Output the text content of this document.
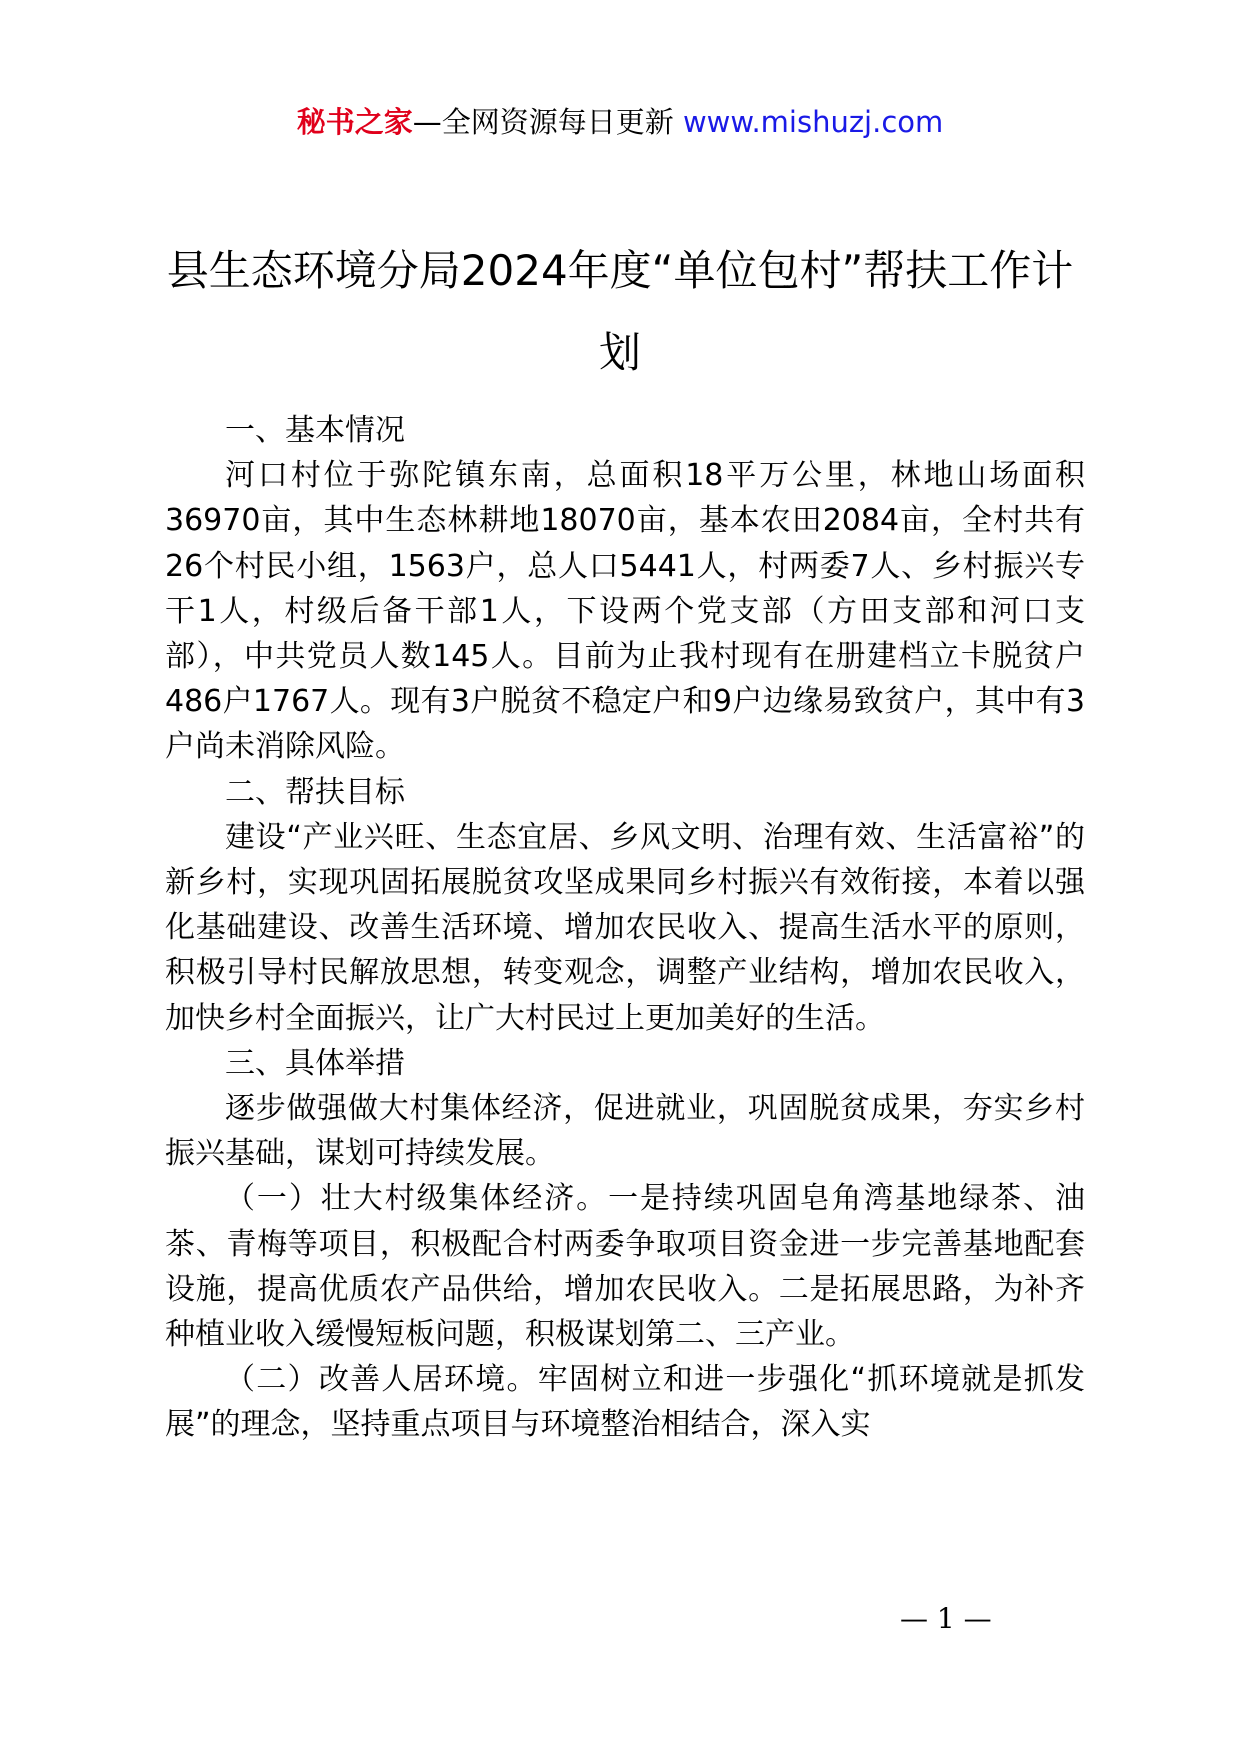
秘书之家—全网资源每日更新 www.mishuzj.com
县生态环境分局2024年度“单位包村”帮扶工作计划

一、基本情况

河口村位于弥陀镇东南，总面积18平万公里，林地山场面积36970亩，其中生态林耕地18070亩，基本农田2084亩，全村共有26个村民小组，1563户，总人口5441人，村两委7人、乡村振兴专干1人，村级后备干部1人，下设两个党支部（方田支部和河口支部），中共党员人数145人。目前为止我村现有在册建档立卡脱贫户486户1767人。现有3户脱贫不稳定户和9户边缘易致贫户，其中有3户尚未消除风险。

二、帮扶目标

建设“产业兴旺、生态宜居、乡风文明、治理有效、生活富裕”的新乡村，实现巩固拓展脱贫攻坚成果同乡村振兴有效衔接，本着以强化基础建设、改善生活环境、增加农民收入、提高生活水平的原则，积极引导村民解放思想，转变观念，调整产业结构，增加农民收入，加快乡村全面振兴，让广大村民过上更加美好的生活。

三、具体举措

逐步做强做大村集体经济，促进就业，巩固脱贫成果，夯实乡村振兴基础，谋划可持续发展。

（一）壮大村级集体经济。一是持续巩固皂角湾基地绿茶、油茶、青梅等项目，积极配合村两委争取项目资金进一步完善基地配套设施，提高优质农产品供给，增加农民收入。二是拓展思路，为补齐种植业收入缓慢短板问题，积极谋划第二、三产业。

（二）改善人居环境。牢固树立和进一步强化“抓环境就是抓发展”的理念，坚持重点项目与环境整治相结合，深入实

— 1 —
